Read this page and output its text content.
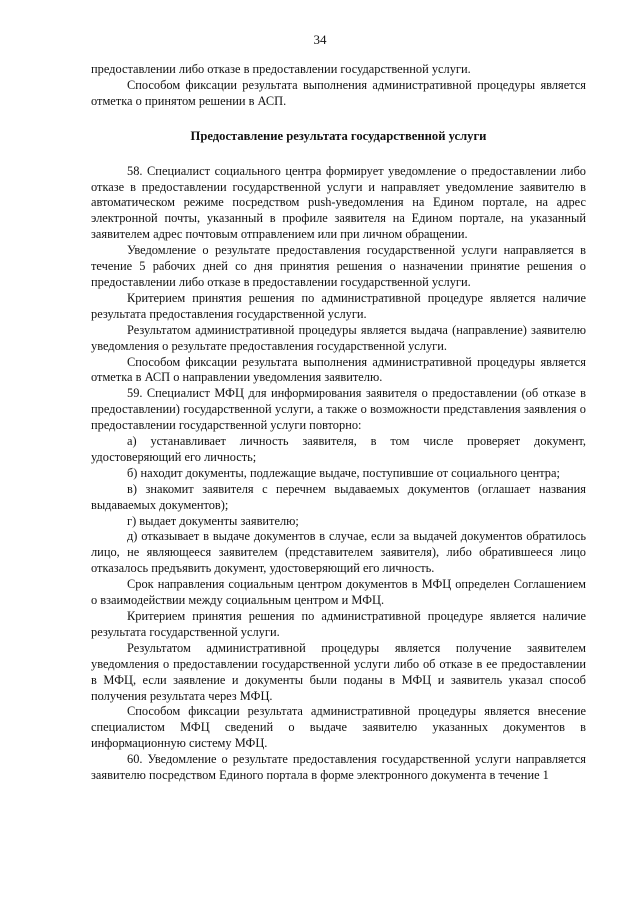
34

предоставлении либо отказе в предоставлении государственной услуги.

Способом фиксации результата выполнения административной процедуры является отметка о принятом решении в АСП.

Предоставление результата государственной услуги

58. Специалист социального центра формирует уведомление о предоставлении либо отказе в предоставлении государственной услуги и направляет уведомление заявителю в автоматическом режиме посредством push-уведомления на Едином портале, на адрес электронной почты, указанный в профиле заявителя на Едином портале, на указанный заявителем адрес почтовым отправлением или при личном обращении.

Уведомление о результате предоставления государственной услуги направляется в течение 5 рабочих дней со дня принятия решения о назначении принятие решения о предоставлении либо отказе в предоставлении государственной услуги.

Критерием принятия решения по административной процедуре является наличие результата предоставления государственной услуги.

Результатом административной процедуры является выдача (направление) заявителю уведомления о результате предоставления государственной услуги.

Способом фиксации результата выполнения административной процедуры является отметка в АСП о направлении уведомления заявителю.

59. Специалист МФЦ для информирования заявителя о предоставлении (об отказе в предоставлении) государственной услуги, а также о возможности представления заявления о предоставлении государственной услуги повторно:

а) устанавливает личность заявителя, в том числе проверяет документ, удостоверяющий его личность;

б) находит документы, подлежащие выдаче, поступившие от социального центра;

в) знакомит заявителя с перечнем выдаваемых документов (оглашает названия выдаваемых документов);

г) выдает документы заявителю;

д) отказывает в выдаче документов в случае, если за выдачей документов обратилось лицо, не являющееся заявителем (представителем заявителя), либо обратившееся лицо отказалось предъявить документ, удостоверяющий его личность.

Срок направления социальным центром документов в МФЦ определен Соглашением о взаимодействии между социальным центром и МФЦ.

Критерием принятия решения по административной процедуре является наличие результата государственной услуги.

Результатом административной процедуры является получение заявителем уведомления о предоставлении государственной услуги либо об отказе в ее предоставлении в МФЦ, если заявление и документы были поданы в МФЦ и заявитель указал способ получения результата через МФЦ.

Способом фиксации результата административной процедуры является внесение специалистом МФЦ сведений о выдаче заявителю указанных документов в информационную систему МФЦ.

60. Уведомление о результате предоставления государственной услуги направляется заявителю посредством Единого портала в форме электронного документа в течение 1
